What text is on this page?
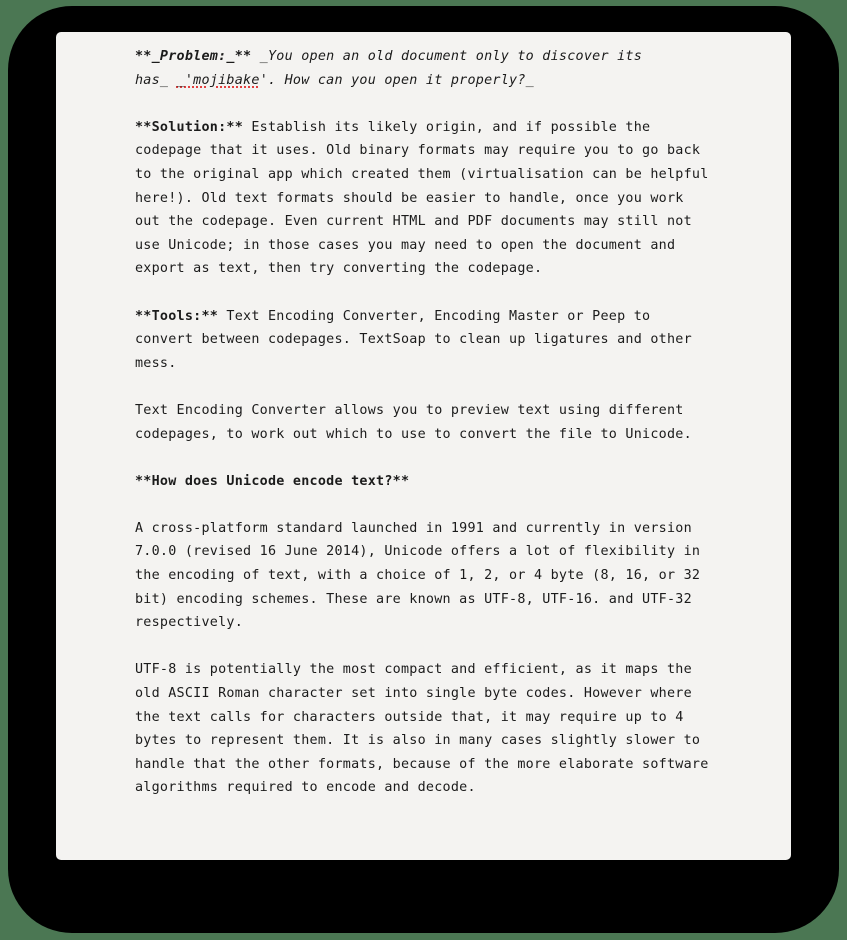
**_Problem:_** _You open an old document only to discover its
has_ _'mojibake'. How can you open it properly?_

**Solution:** Establish its likely origin, and if possible the codepage that it uses. Old binary formats may require you to go back to the original app which created them (virtualisation can be helpful here!). Old text formats should be easier to handle, once you work out the codepage. Even current HTML and PDF documents may still not use Unicode; in those cases you may need to open the document and export as text, then try converting the codepage.

**Tools:** Text Encoding Converter, Encoding Master or Peep to convert between codepages. TextSoap to clean up ligatures and other mess.

Text Encoding Converter allows you to preview text using different codepages, to work out which to use to convert the file to Unicode.

**How does Unicode encode text?**

A cross-platform standard launched in 1991 and currently in version 7.0.0 (revised 16 June 2014), Unicode offers a lot of flexibility in the encoding of text, with a choice of 1, 2, or 4 byte (8, 16, or 32 bit) encoding schemes. These are known as UTF-8, UTF-16. and UTF-32 respectively.

UTF-8 is potentially the most compact and efficient, as it maps the old ASCII Roman character set into single byte codes. However where the text calls for characters outside that, it may require up to 4 bytes to represent them. It is also in many cases slightly slower to handle that the other formats, because of the more elaborate software algorithms required to encode and decode.
